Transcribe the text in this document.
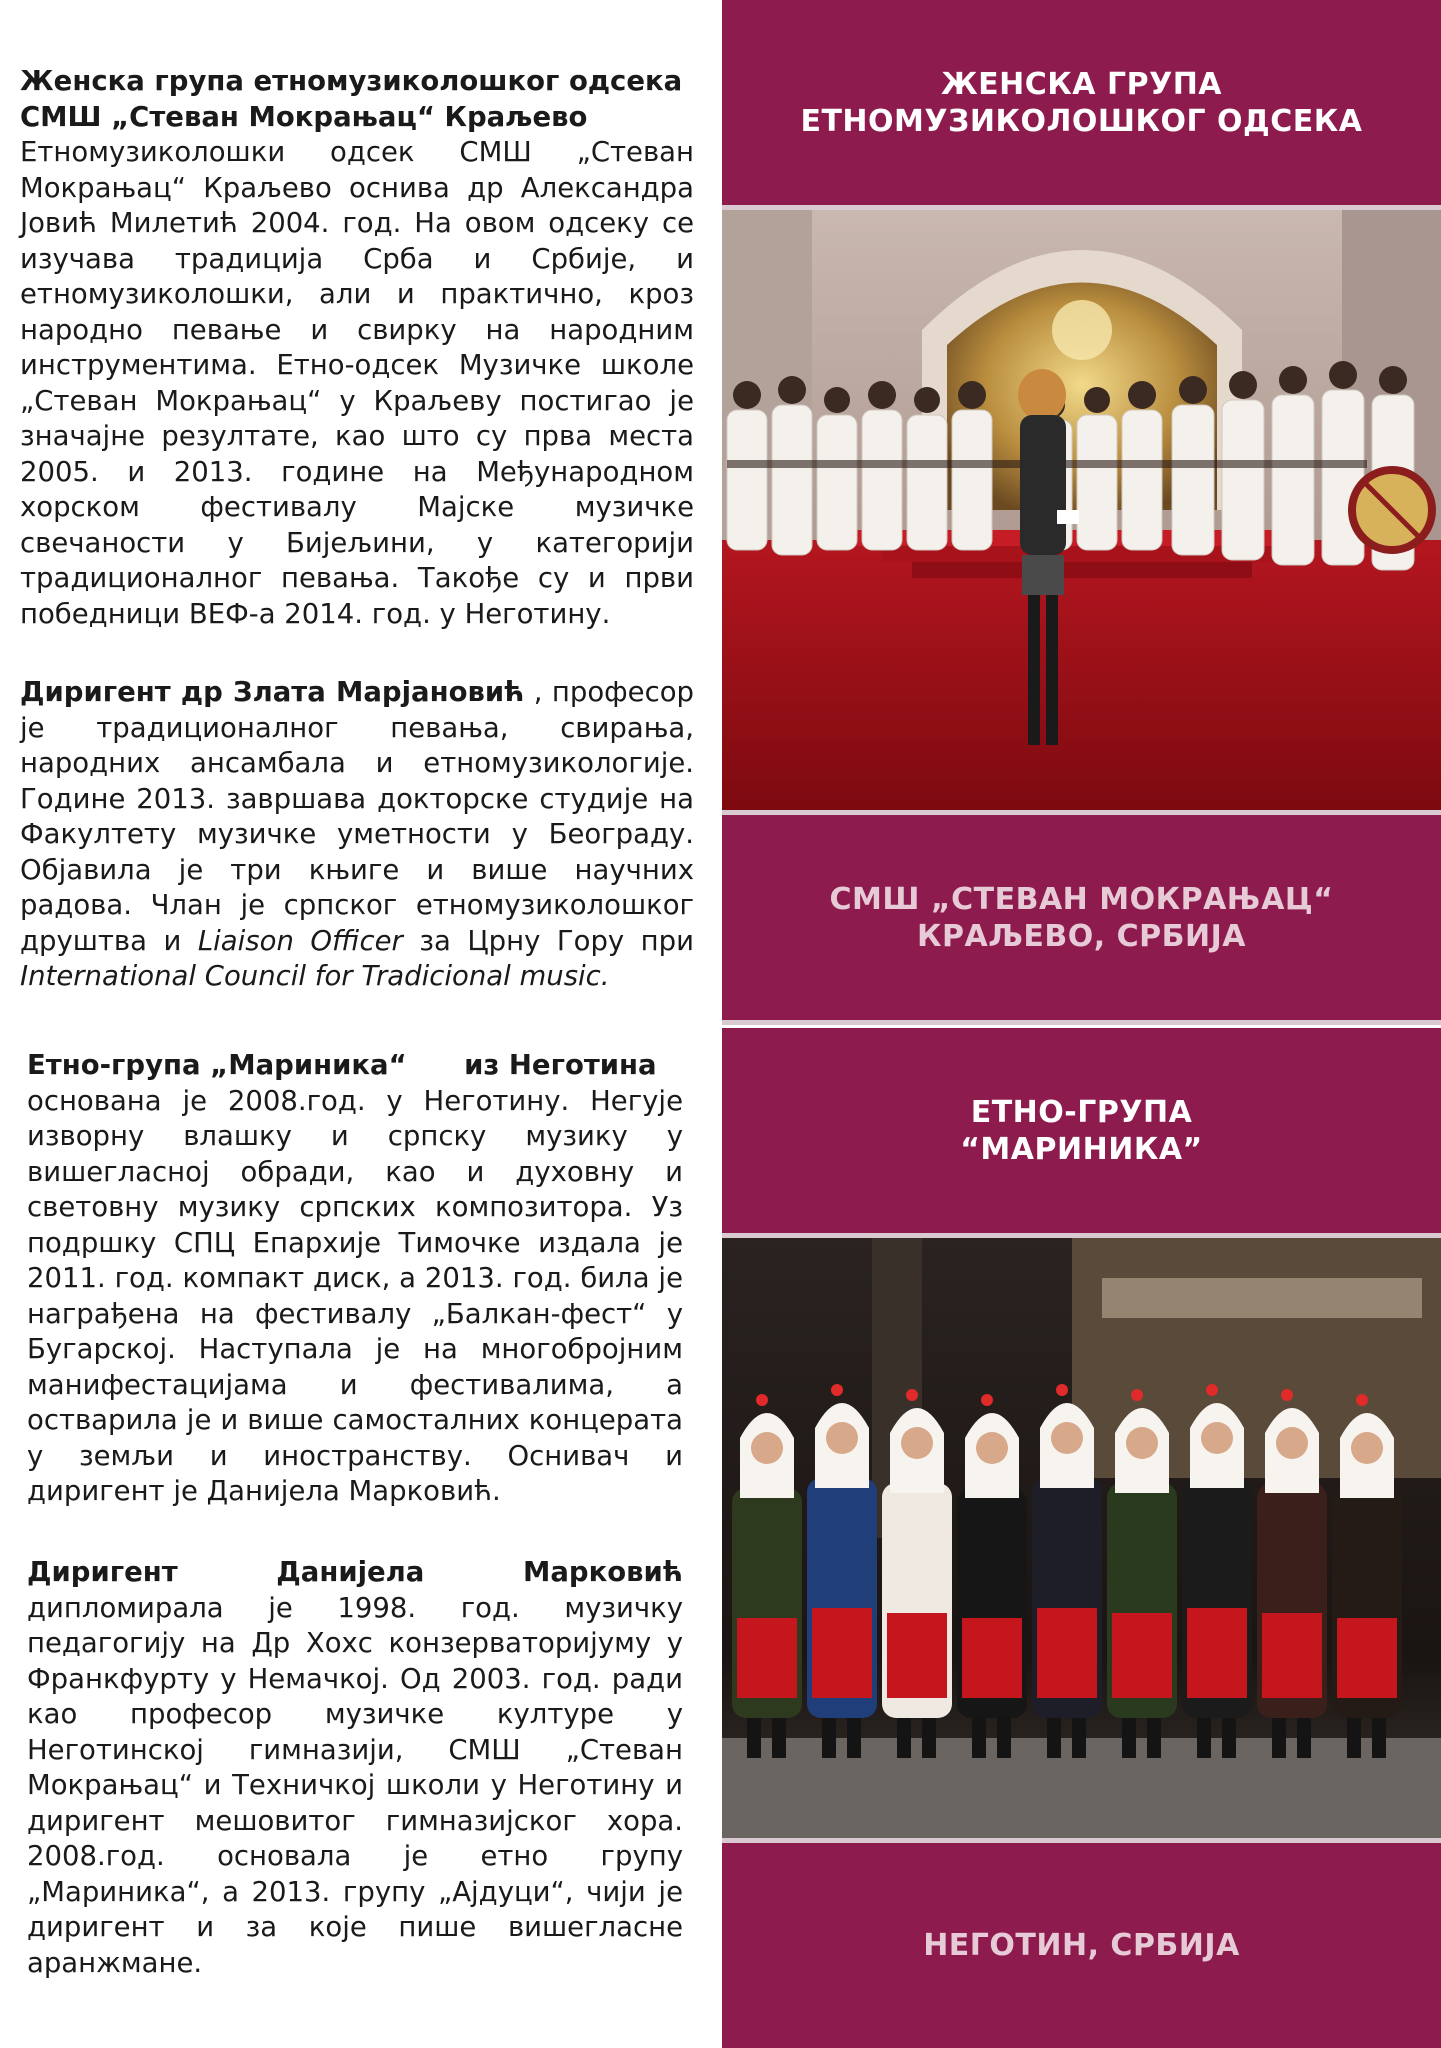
Женска група етномузиколошког одсека
СМШ „Стеван Мокрањац“ Краљево

Етномузиколошки одсек СМШ „Стеван Мокрањац“ Краљево оснива др Александра Јовић Милетић 2004. год. На овом одсеку се изучава традиција Срба и Србије, и етномузиколошки, али и практично, кроз народно певање и свирку на народним инструментима. Етно-одсек Музичке школе „Стеван Мокрањац“ у Краљеву постигао је значајне резултате, као што су прва места 2005. и 2013. године на Међународном хорском фестивалу Мајске музичке свечаности у Бијељини, у категорији традиционалног певања. Такође су и први победници ВЕФ-а 2014. год. у Неготину.

Диригент др Злата Марјановић , професор је традиционалног певања, свирања, народних ансамбала и етномузикологије. Године 2013. завршава докторске студије на Факултету музичке уметности у Београду. Објавила је три књиге и више научних радова. Члан је српског етномузиколошког друштва и Liaison Officer за Црну Гору при International Council for Tradicional music.

Етно-група „Мариника“      из Неготина

основана је 2008.год. у Неготину. Негује изворну влашку и српску музику у вишегласној обради, као и духовну и световну музику српских композитора. Уз подршку СПЦ Епархије Тимочке издала је 2011. год. компакт диск, а 2013. год. била је награђена на фестивалу „Балкан-фест“ у Бугарској. Наступала је на многобројним манифестацијама и фестивалима, а остварила је и више самосталних концерата у земљи и иностранству. Оснивач и диригент је Данијела Марковић.

Диригент Данијела Марковић дипломирала је 1998. год. музичку педагогију на Др Хохс конзерваторијуму у Франкфурту у Немачкој. Од 2003. год. ради као професор музичке културе у Неготинској гимназији, СМШ „Стеван Мокрањац“ и Техничкој школи у Неготину и диригент мешовитог гимназијског хора. 2008.год. основала је етно групу „Мариника“, а 2013. групу „Ајдуци“, чији је диригент и за које пише вишегласне аранжмане.

ЖЕНСКА ГРУПА
ЕТНОМУЗИКОЛОШКОГ ОДСЕКА
СМШ „СТЕВАН МОКРАЊАЦ“
КРАЉЕВО, СРБИЈА
ЕТНО-ГРУПА
“МАРИНИКА”
НЕГОТИН, СРБИЈА
